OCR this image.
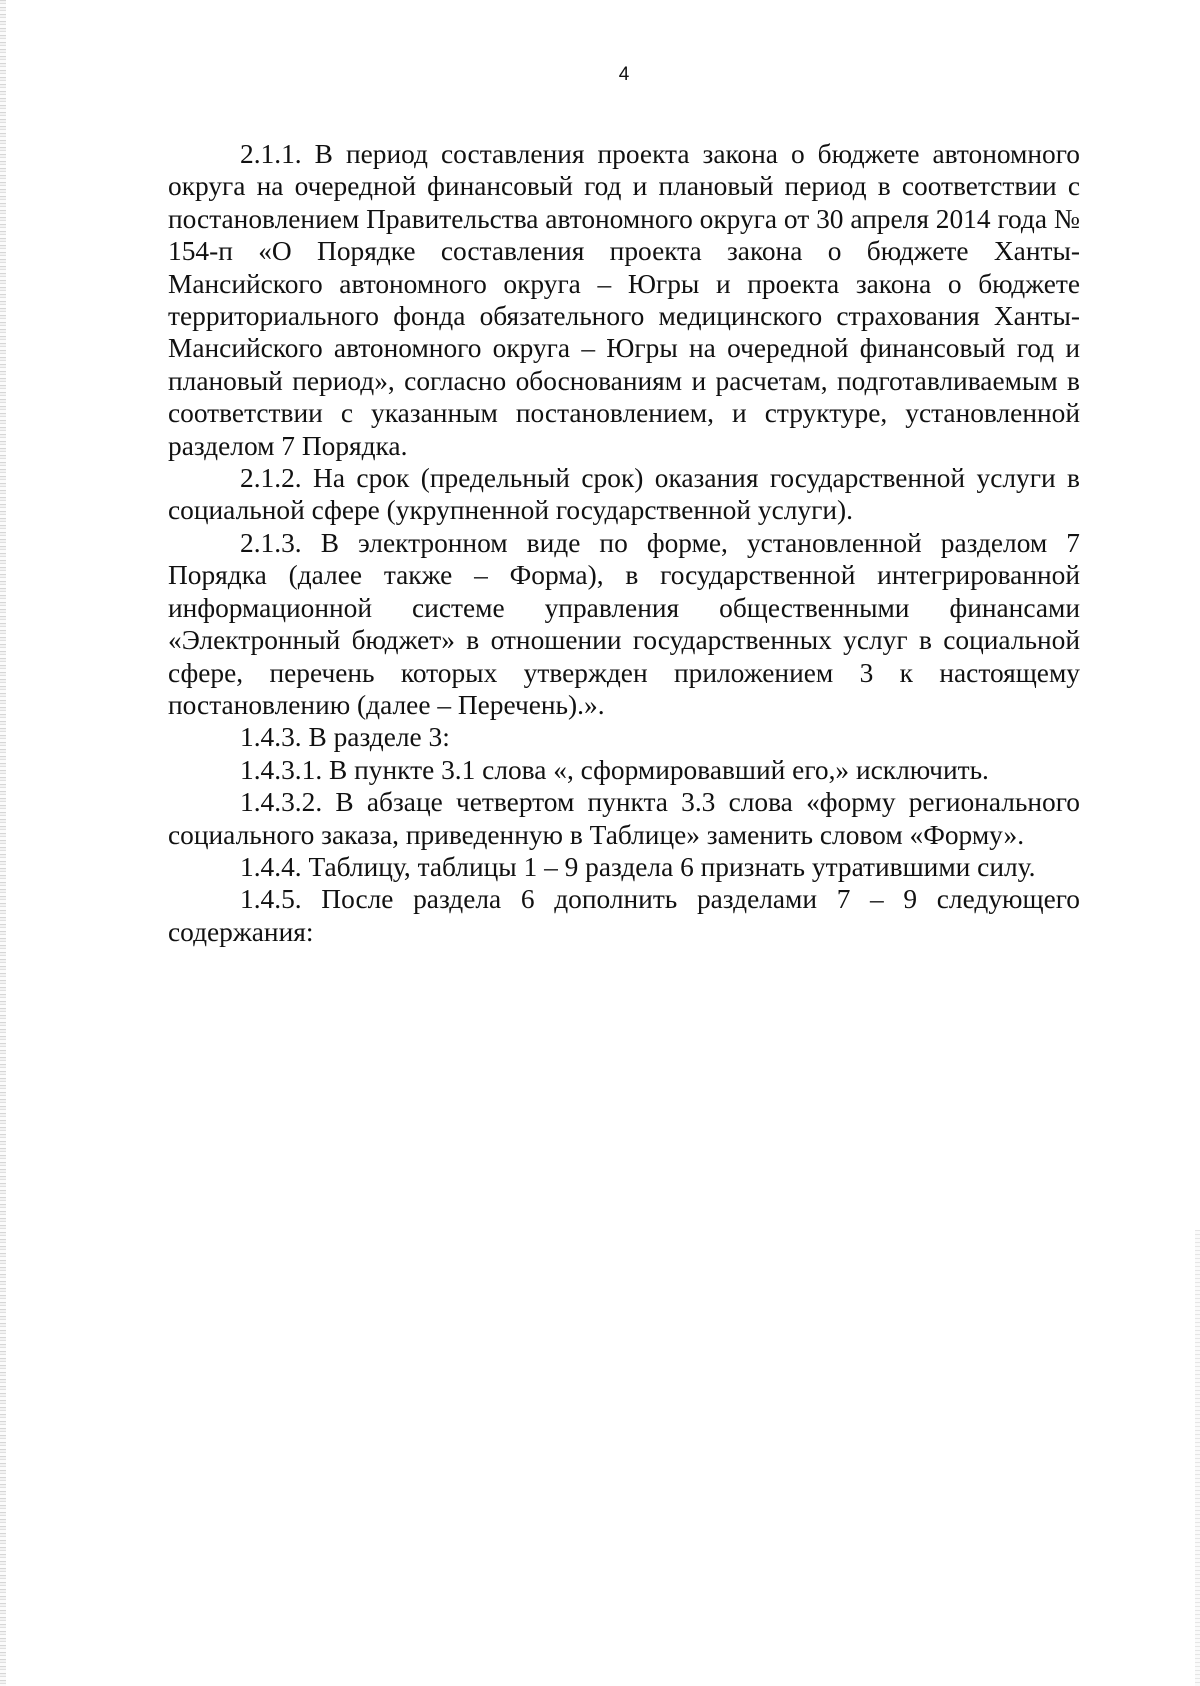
4

2.1.1. В период составления проекта закона о бюджете автономного округа на очередной финансовый год и плановый период в соответствии с постановлением Правительства автономного округа от 30 апреля 2014 года № 154-п «О Порядке составления проекта закона о бюджете Ханты-Мансийского автономного округа – Югры и проекта закона о бюджете территориального фонда обязательного медицинского страхования Ханты-Мансийского автономного округа – Югры на очередной финансовый год и плановый период», согласно обоснованиям и расчетам, подготавливаемым в соответствии с указанным постановлением, и структуре, установленной разделом 7 Порядка.

2.1.2. На срок (предельный срок) оказания государственной услуги в социальной сфере (укрупненной государственной услуги).

2.1.3. В электронном виде по форме, установленной разделом 7 Порядка (далее также – Форма), в государственной интегрированной информационной системе управления общественными финансами «Электронный бюджет» в отношении государственных услуг в социальной сфере, перечень которых утвержден приложением 3 к настоящему постановлению (далее – Перечень).».

1.4.3. В разделе 3:

1.4.3.1. В пункте 3.1 слова «, сформировавший его,» исключить.

1.4.3.2. В абзаце четвертом пункта 3.3 слова «форму регионального социального заказа, приведенную в Таблице» заменить словом «Форму».

1.4.4. Таблицу, таблицы 1 – 9 раздела 6 признать утратившими силу.

1.4.5. После раздела 6 дополнить разделами 7 – 9 следующего содержания:
